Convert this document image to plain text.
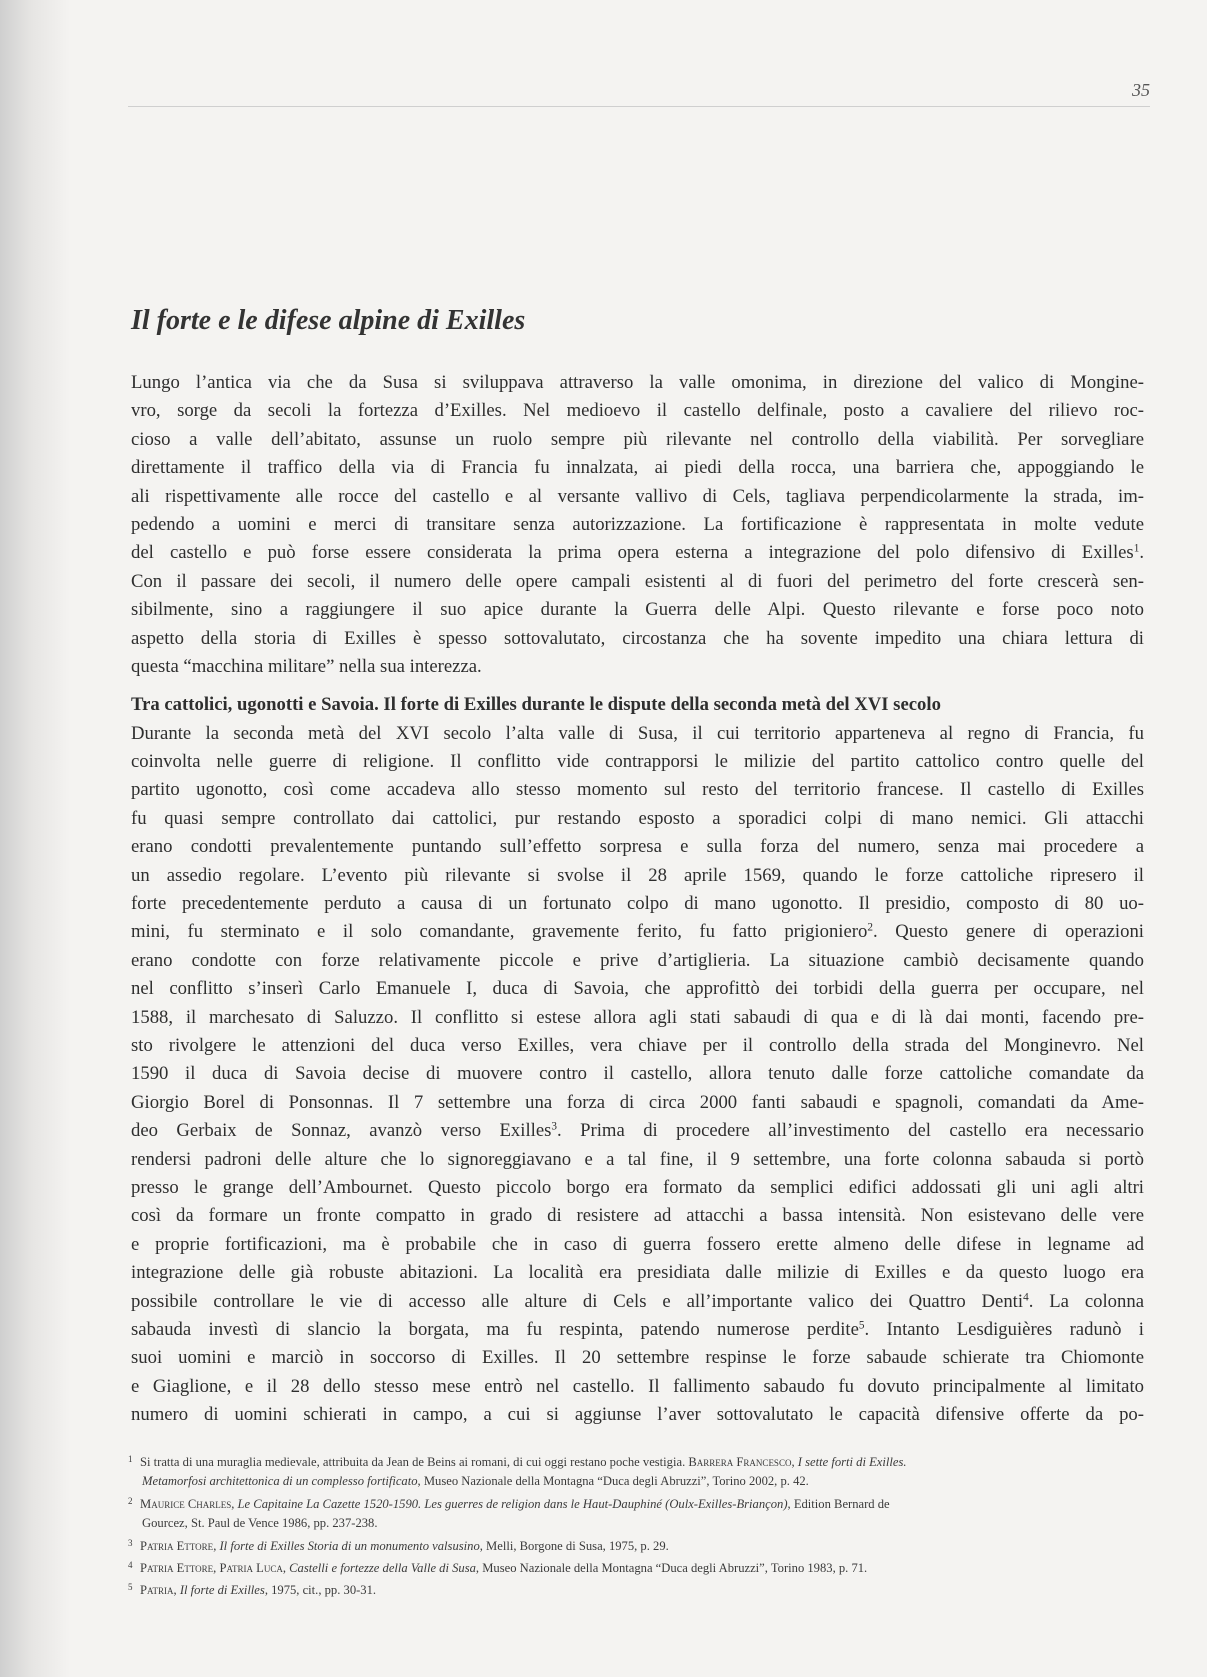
35
Il forte e le difese alpine di Exilles
Lungo l’antica via che da Susa si sviluppava attraverso la valle omonima, in direzione del valico di Mongine-
vro, sorge da secoli la fortezza d’Exilles. Nel medioevo il castello delfinale, posto a cavaliere del rilievo roc-
cioso a valle dell’abitato, assunse un ruolo sempre più rilevante nel controllo della viabilità. Per sorvegliare
direttamente il traffico della via di Francia fu innalzata, ai piedi della rocca, una barriera che, appoggiando le
ali rispettivamente alle rocce del castello e al versante vallivo di Cels, tagliava perpendicolarmente la strada, im-
pedendo a uomini e merci di transitare senza autorizzazione. La fortificazione è rappresentata in molte vedute
del castello e può forse essere considerata la prima opera esterna a integrazione del polo difensivo di Exilles$^1$.
Con il passare dei secoli, il numero delle opere campali esistenti al di fuori del perimetro del forte crescerà sen-
sibilmente, sino a raggiungere il suo apice durante la Guerra delle Alpi. Questo rilevante e forse poco noto
aspetto della storia di Exilles è spesso sottovalutato, circostanza che ha sovente impedito una chiara lettura di
questa “macchina militare” nella sua interezza.
Tra cattolici, ugonotti e Savoia. Il forte di Exilles durante le dispute della seconda metà del XVI secolo
Durante la seconda metà del XVI secolo l’alta valle di Susa, il cui territorio apparteneva al regno di Francia, fu
coinvolta nelle guerre di religione. Il conflitto vide contrapporsi le milizie del partito cattolico contro quelle del
partito ugonotto, così come accadeva allo stesso momento sul resto del territorio francese. Il castello di Exilles
fu quasi sempre controllato dai cattolici, pur restando esposto a sporadici colpi di mano nemici. Gli attacchi
erano condotti prevalentemente puntando sull’effetto sorpresa e sulla forza del numero, senza mai procedere a
un assedio regolare. L’evento più rilevante si svolse il 28 aprile 1569, quando le forze cattoliche ripresero il
forte precedentemente perduto a causa di un fortunato colpo di mano ugonotto. Il presidio, composto di 80 uo-
mini, fu sterminato e il solo comandante, gravemente ferito, fu fatto prigioniero$^2$. Questo genere di operazioni
erano condotte con forze relativamente piccole e prive d’artiglieria. La situazione cambiò decisamente quando
nel conflitto s’inserì Carlo Emanuele I, duca di Savoia, che approfittò dei torbidi della guerra per occupare, nel
1588, il marchesato di Saluzzo. Il conflitto si estese allora agli stati sabaudi di qua e di là dai monti, facendo pre-
sto rivolgere le attenzioni del duca verso Exilles, vera chiave per il controllo della strada del Monginevro. Nel
1590 il duca di Savoia decise di muovere contro il castello, allora tenuto dalle forze cattoliche comandate da
Giorgio Borel di Ponsonnas. Il 7 settembre una forza di circa 2000 fanti sabaudi e spagnoli, comandati da Ame-
deo Gerbaix de Sonnaz, avanzò verso Exilles$^3$. Prima di procedere all’investimento del castello era necessario
rendersi padroni delle alture che lo signoreggiavano e a tal fine, il 9 settembre, una forte colonna sabauda si portò
presso le grange dell’Ambournet. Questo piccolo borgo era formato da semplici edifici addossati gli uni agli altri
così da formare un fronte compatto in grado di resistere ad attacchi a bassa intensità. Non esistevano delle vere
e proprie fortificazioni, ma è probabile che in caso di guerra fossero erette almeno delle difese in legname ad
integrazione delle già robuste abitazioni. La località era presidiata dalle milizie di Exilles e da questo luogo era
possibile controllare le vie di accesso alle alture di Cels e all’importante valico dei Quattro Denti$^4$. La colonna
sabauda investì di slancio la borgata, ma fu respinta, patendo numerose perdite$^5$. Intanto Lesdiguières radunò i
suoi uomini e marciò in soccorso di Exilles. Il 20 settembre respinse le forze sabaude schierate tra Chiomonte
e Giaglione, e il 28 dello stesso mese entrò nel castello. Il fallimento sabaudo fu dovuto principalmente al limitato
numero di uomini schierati in campo, a cui si aggiunse l’aver sottovalutato le capacità difensive offerte da po-
1 Si tratta di una muraglia medievale, attribuita da Jean de Beins ai romani, di cui oggi restano poche vestigia. Barrera Francesco, I sette forti di Exilles.
Metamorfosi architettonica di un complesso fortificato, Museo Nazionale della Montagna “Duca degli Abruzzi”, Torino 2002, p. 42.
2 Maurice Charles, Le Capitaine La Cazette 1520-1590. Les guerres de religion dans le Haut-Dauphiné (Oulx-Exilles-Briançon), Edition Bernard de
Gourcez, St. Paul de Vence 1986, pp. 237-238.
3 Patria Ettore, Il forte di Exilles Storia di un monumento valsusino, Melli, Borgone di Susa, 1975, p. 29.
4 Patria Ettore, Patria Luca, Castelli e fortezze della Valle di Susa, Museo Nazionale della Montagna “Duca degli Abruzzi”, Torino 1983, p. 71.
5 Patria, Il forte di Exilles, 1975, cit., pp. 30-31.
